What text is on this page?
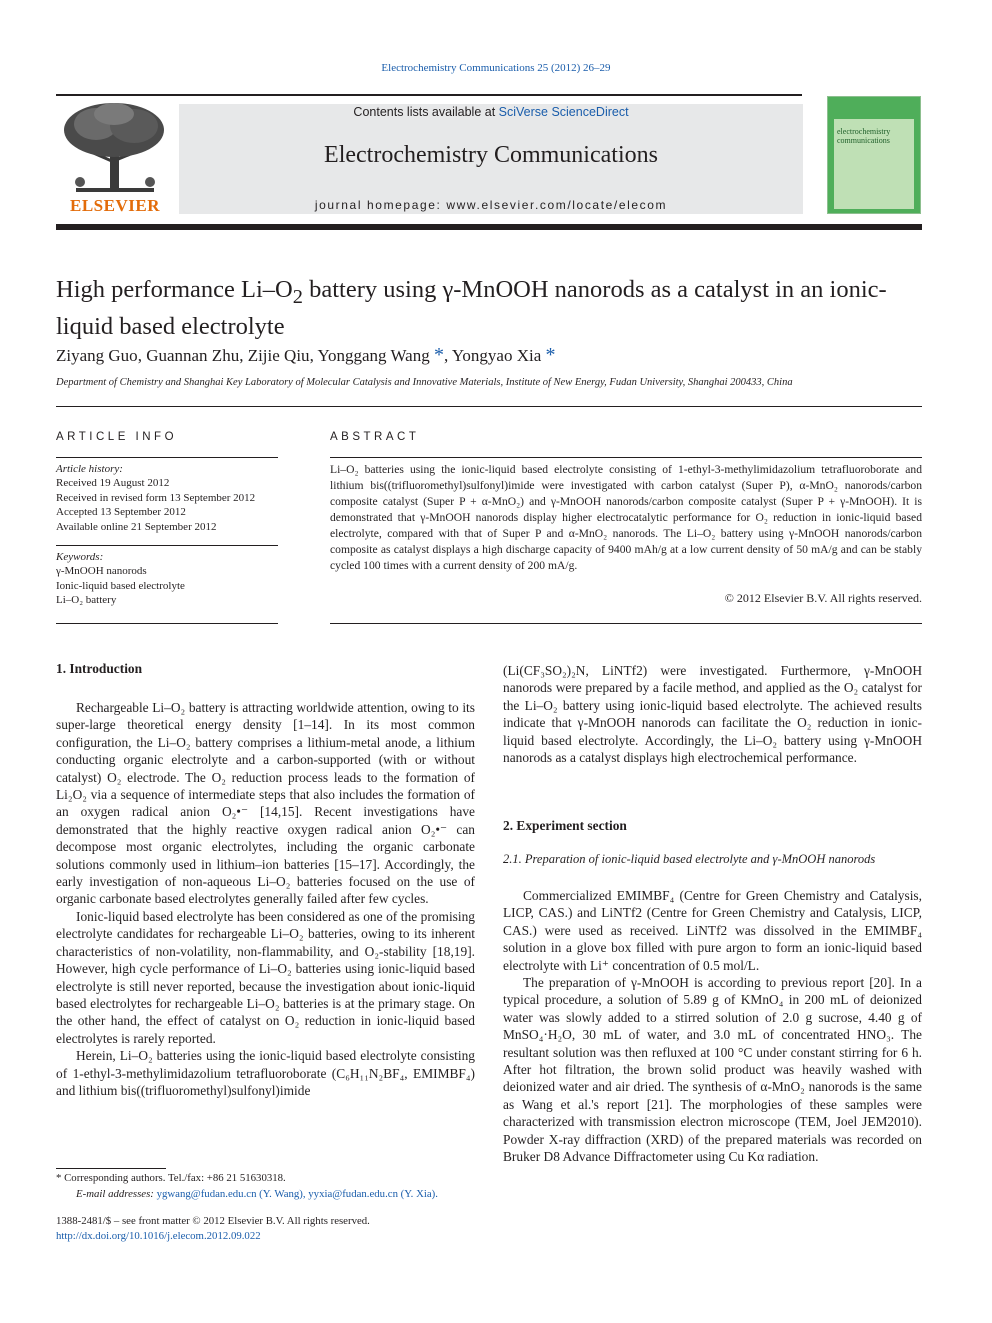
Electrochemistry Communications 25 (2012) 26–29
ELSEVIER
Contents lists available at SciVerse ScienceDirect
Electrochemistry Communications
journal homepage: www.elsevier.com/locate/elecom
electrochemistry communications
High performance $Li-O_2$ battery using γ-MnOOH nanorods as a catalyst in an ionic-liquid based electrolyte
Ziyang Guo, Guannan Zhu, Zijie Qiu, Yonggang Wang *, Yongyao Xia *
Department of Chemistry and Shanghai Key Laboratory of Molecular Catalysis and Innovative Materials, Institute of New Energy, Fudan University, Shanghai 200433, China
ARTICLE INFO	ABSTRACT
Article history:
Received 19 August 2012
Received in revised form 13 September 2012
Accepted 13 September 2012
Available online 21 September 2012
Keywords:
γ-MnOOH nanorods
Ionic-liquid based electrolyte
Li–O₂ battery
Li–O₂ batteries using the ionic-liquid based electrolyte consisting of 1-ethyl-3-methylimidazolium tetrafluoroborate and lithium bis((trifluoromethyl)sulfonyl)imide were investigated with carbon catalyst (Super P), α-MnO₂ nanorods/carbon composite catalyst (Super P + α-MnO₂) and γ-MnOOH nanorods/carbon composite catalyst (Super P + γ-MnOOH). It is demonstrated that γ-MnOOH nanorods display higher electrocatalytic performance for O₂ reduction in ionic-liquid based electrolyte, compared with that of Super P and α-MnO₂ nanorods. The Li–O₂ battery using γ-MnOOH nanorods/carbon composite as catalyst displays a high discharge capacity of 9400 mAh/g at a low current density of 50 mA/g and can be stably cycled 100 times with a current density of 200 mA/g.
© 2012 Elsevier B.V. All rights reserved.
1. Introduction

Rechargeable Li–O₂ battery is attracting worldwide attention, owing to its super-large theoretical energy density [1–14]. In its most common configuration, the Li–O₂ battery comprises a lithium-metal anode, a lithium conducting organic electrolyte and a carbon-supported (with or without catalyst) O₂ electrode. The O₂ reduction process leads to the formation of Li₂O₂ via a sequence of intermediate steps that also includes the formation of an oxygen radical anion O₂•⁻ [14,15]. Recent investigations have demonstrated that the highly reactive oxygen radical anion O₂•⁻ can decompose most organic electrolytes, including the organic carbonate solutions commonly used in lithium–ion batteries [15–17]. Accordingly, the early investigation of non-aqueous Li–O₂ batteries focused on the use of organic carbonate based electrolytes generally failed after few cycles.

Ionic-liquid based electrolyte has been considered as one of the promising electrolyte candidates for rechargeable Li–O₂ batteries, owing to its inherent characteristics of non-volatility, non-flammability, and O₂-stability [18,19]. However, high cycle performance of Li–O₂ batteries using ionic-liquid based electrolyte is still never reported, because the investigation about ionic-liquid based electrolytes for rechargeable Li–O₂ batteries is at the primary stage. On the other hand, the effect of catalyst on O₂ reduction in ionic-liquid based electrolytes is rarely reported.

Herein, Li–O₂ batteries using the ionic-liquid based electrolyte consisting of 1-ethyl-3-methylimidazolium tetrafluoroborate (C₆H₁₁N₂BF₄, EMIMBF₄) and lithium bis((trifluoromethyl)sulfonyl)imide

(Li(CF₃SO₂)₂N, LiNTf2) were investigated. Furthermore, γ-MnOOH nanorods were prepared by a facile method, and applied as the O₂ catalyst for the Li–O₂ battery using ionic-liquid based electrolyte. The achieved results indicate that γ-MnOOH nanorods can facilitate the O₂ reduction in ionic-liquid based electrolyte. Accordingly, the Li–O₂ battery using γ-MnOOH nanorods as a catalyst displays high electrochemical performance.

2. Experiment section
2.1. Preparation of ionic-liquid based electrolyte and γ-MnOOH nanorods

Commercialized EMIMBF₄ (Centre for Green Chemistry and Catalysis, LICP, CAS.) and LiNTf2 (Centre for Green Chemistry and Catalysis, LICP, CAS.) were used as received. LiNTf2 was dissolved in the EMIMBF₄ solution in a glove box filled with pure argon to form an ionic-liquid based electrolyte with Li⁺ concentration of 0.5 mol/L.

The preparation of γ-MnOOH is according to previous report [20]. In a typical procedure, a solution of 5.89 g of KMnO₄ in 200 mL of deionized water was slowly added to a stirred solution of 2.0 g sucrose, 4.40 g of MnSO₄·H₂O, 30 mL of water, and 3.0 mL of concentrated HNO₃. The resultant solution was then refluxed at 100 °C under constant stirring for 6 h. After hot filtration, the brown solid product was heavily washed with deionized water and air dried. The synthesis of α-MnO₂ nanorods is the same as Wang et al.'s report [21]. The morphologies of these samples were characterized with transmission electron microscope (TEM, Joel JEM2010). Powder X-ray diffraction (XRD) of the prepared materials was recorded on Bruker D8 Advance Diffractometer using Cu Kα radiation.

* Corresponding authors. Tel./fax: +86 21 51630318.
E-mail addresses: ygwang@fudan.edu.cn (Y. Wang), yyxia@fudan.edu.cn (Y. Xia).
1388-2481/$ – see front matter © 2012 Elsevier B.V. All rights reserved.
http://dx.doi.org/10.1016/j.elecom.2012.09.022
